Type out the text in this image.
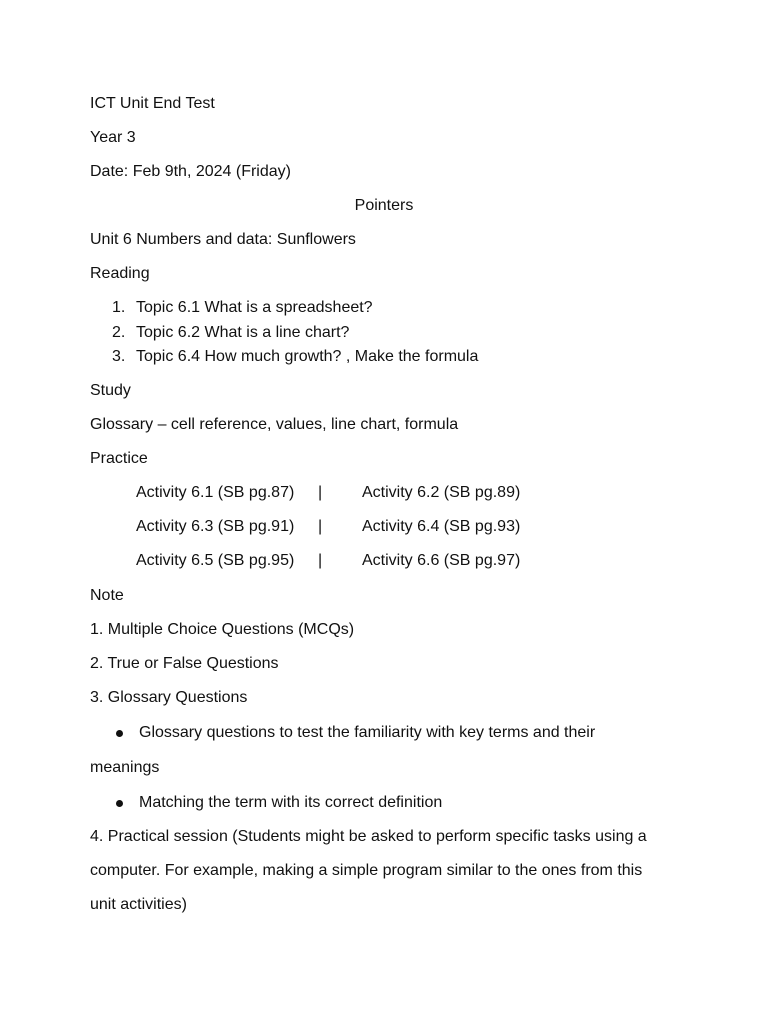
ICT Unit End Test
Year 3
Date: Feb 9th, 2024 (Friday)
Pointers
Unit 6 Numbers and data: Sunflowers
Reading
1. Topic 6.1 What is a spreadsheet?
2. Topic 6.2 What is a line chart?
3. Topic 6.4 How much growth? , Make the formula
Study
Glossary – cell reference, values, line chart, formula
Practice
Activity 6.1 (SB pg.87) | Activity 6.2 (SB pg.89)
Activity 6.3 (SB pg.91) | Activity 6.4 (SB pg.93)
Activity 6.5 (SB pg.95) | Activity 6.6 (SB pg.97)
Note
1. Multiple Choice Questions (MCQs)
2. True or False Questions
3. Glossary Questions
Glossary questions to test the familiarity with key terms and their
meanings
Matching the term with its correct definition
4. Practical session (Students might be asked to perform specific tasks using a
computer. For example, making a simple program similar to the ones from this
unit activities)
